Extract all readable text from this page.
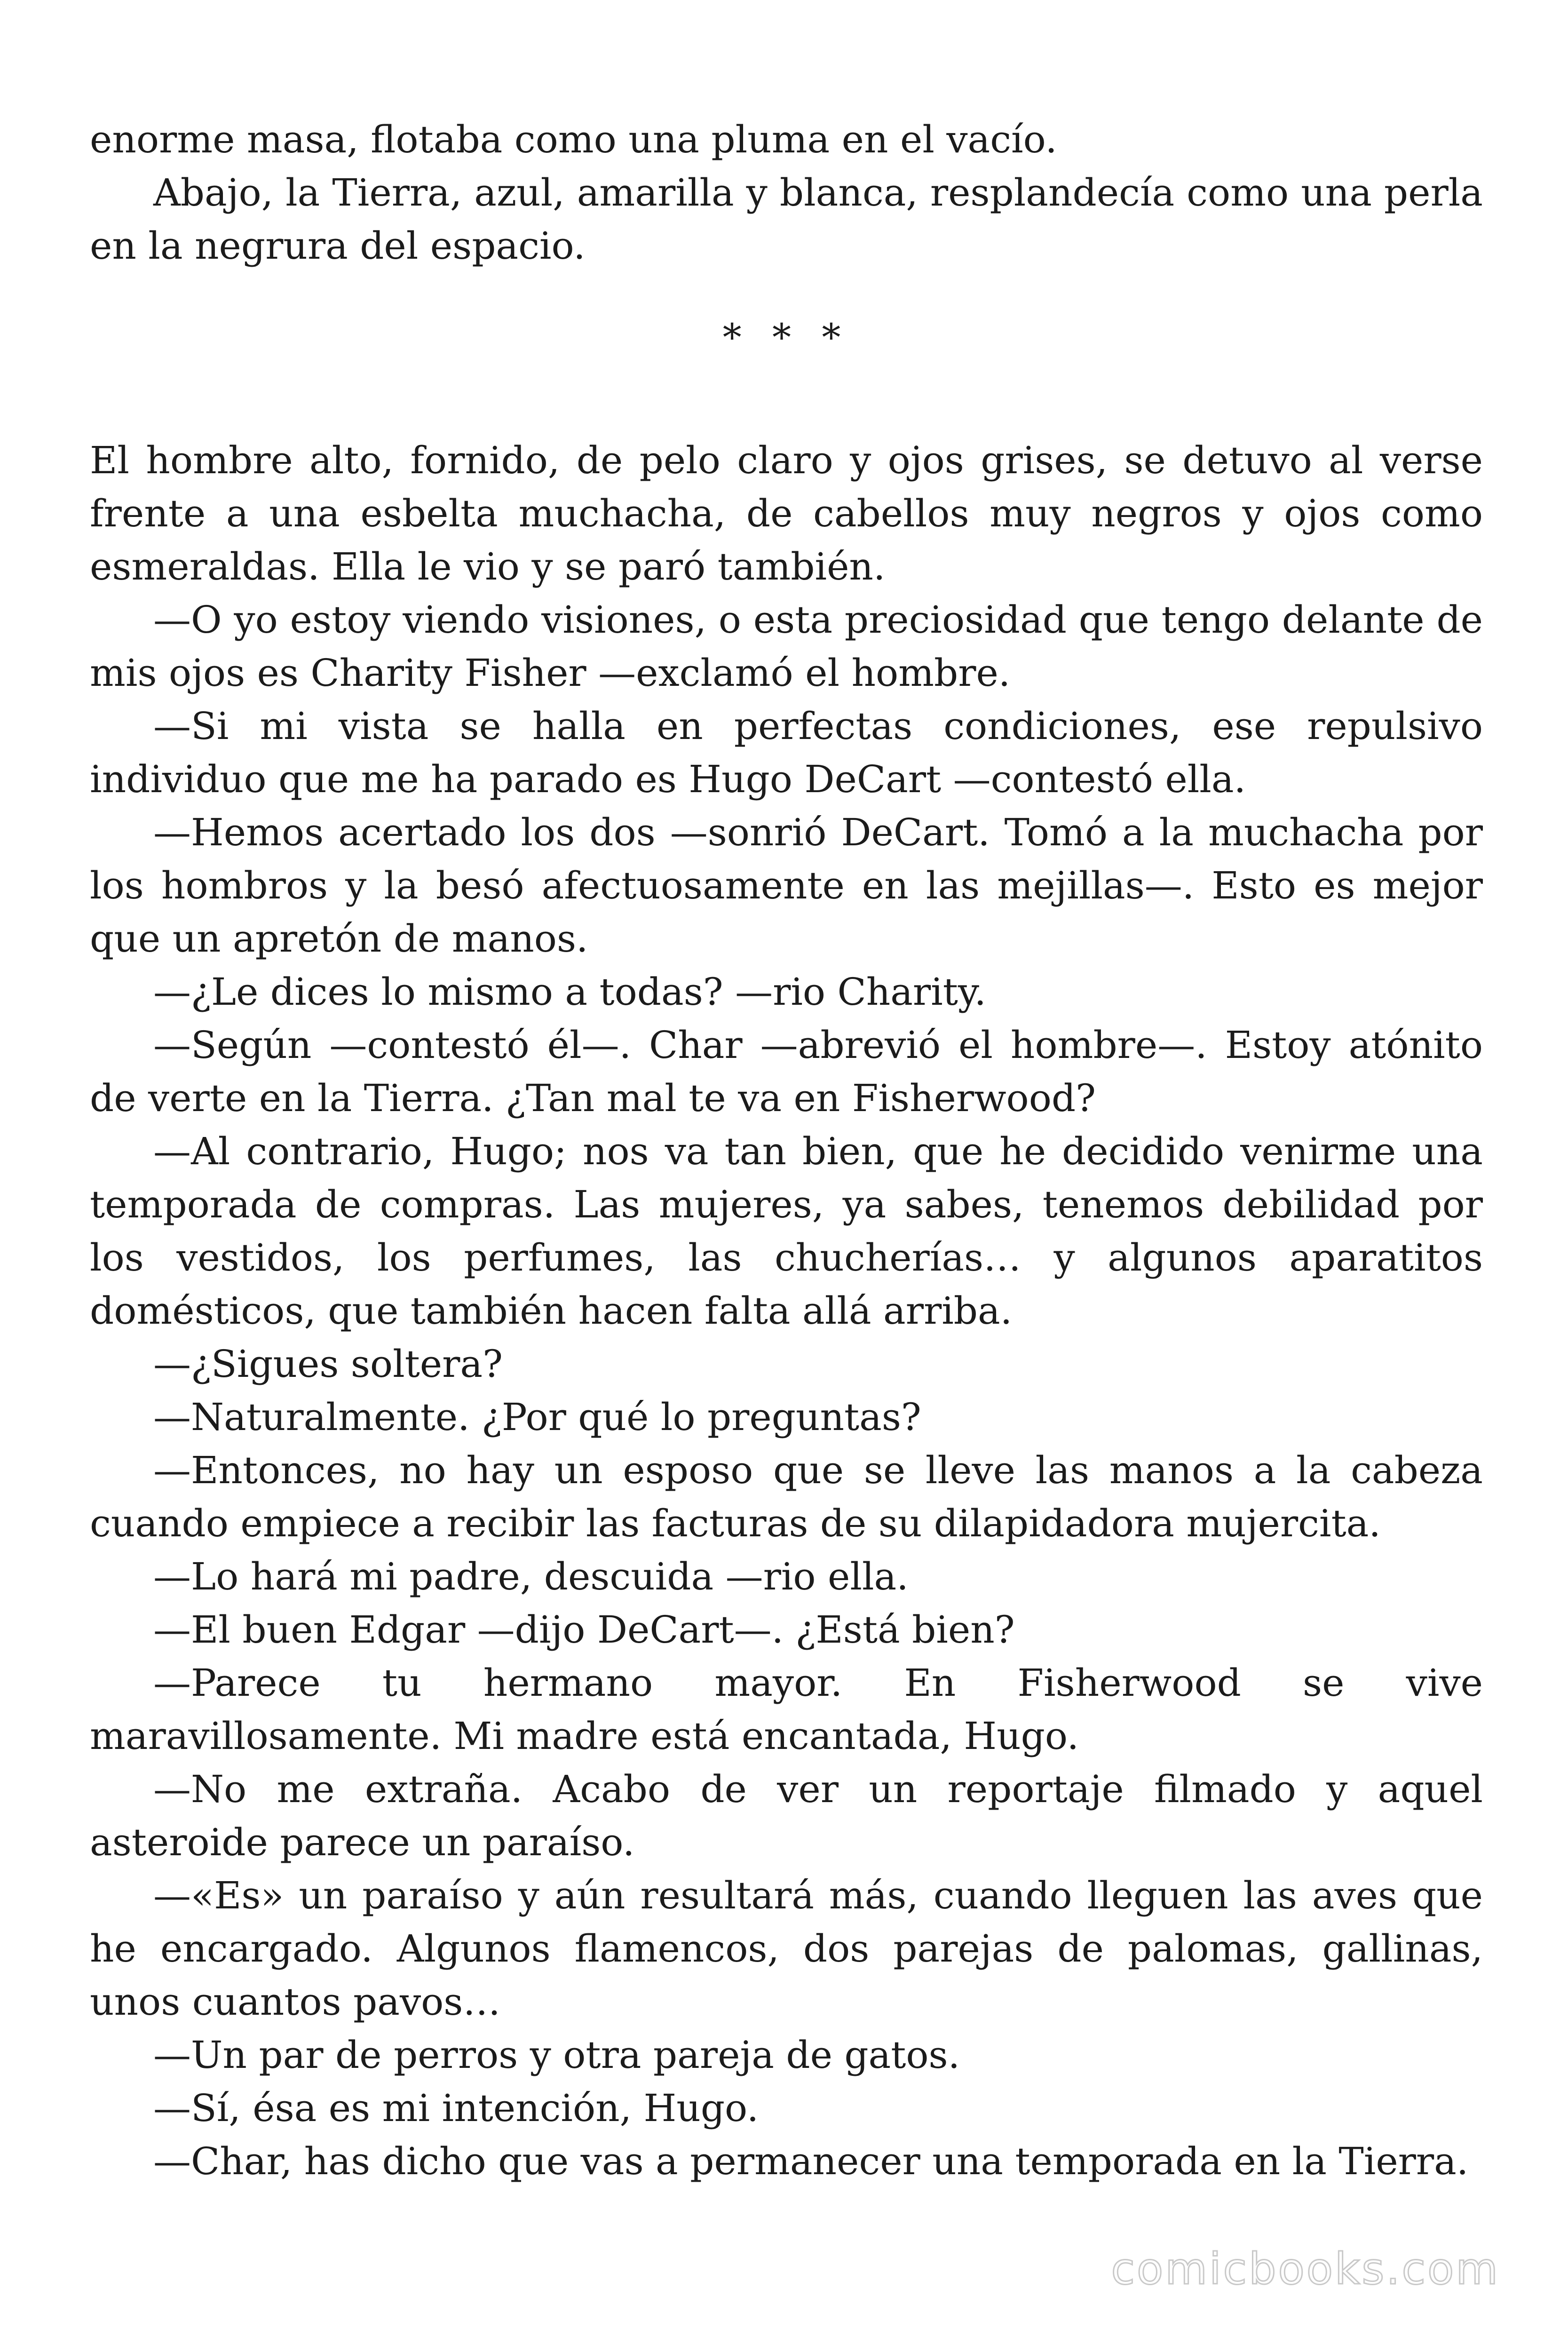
enorme masa, flotaba como una pluma en el vacío.

Abajo, la Tierra, azul, amarilla y blanca, resplandecía como una perla en la negrura del espacio.

* * *

El hombre alto, fornido, de pelo claro y ojos grises, se detuvo al verse frente a una esbelta muchacha, de cabellos muy negros y ojos como esmeraldas. Ella le vio y se paró también.

—O yo estoy viendo visiones, o esta preciosidad que tengo delante de mis ojos es Charity Fisher —exclamó el hombre.

—Si mi vista se halla en perfectas condiciones, ese repulsivo individuo que me ha parado es Hugo DeCart —contestó ella.

—Hemos acertado los dos —sonrió DeCart. Tomó a la muchacha por los hombros y la besó afectuosamente en las mejillas—. Esto es mejor que un apretón de manos.

—¿Le dices lo mismo a todas? —rio Charity.

—Según —contestó él—. Char —abrevió el hombre—. Estoy atónito de verte en la Tierra. ¿Tan mal te va en Fisherwood?

—Al contrario, Hugo; nos va tan bien, que he decidido venirme una temporada de compras. Las mujeres, ya sabes, tenemos debilidad por los vestidos, los perfumes, las chucherías… y algunos aparatitos domésticos, que también hacen falta allá arriba.

—¿Sigues soltera?

—Naturalmente. ¿Por qué lo preguntas?

—Entonces, no hay un esposo que se lleve las manos a la cabeza cuando empiece a recibir las facturas de su dilapidadora mujercita.

—Lo hará mi padre, descuida —rio ella.

—El buen Edgar —dijo DeCart—. ¿Está bien?

—Parece tu hermano mayor. En Fisherwood se vive maravillosamente. Mi madre está encantada, Hugo.

—No me extraña. Acabo de ver un reportaje filmado y aquel asteroide parece un paraíso.

—«Es» un paraíso y aún resultará más, cuando lleguen las aves que he encargado. Algunos flamencos, dos parejas de palomas, gallinas, unos cuantos pavos…

—Un par de perros y otra pareja de gatos.

—Sí, ésa es mi intención, Hugo.

—Char, has dicho que vas a permanecer una temporada en la Tierra.

comicbooks.com
